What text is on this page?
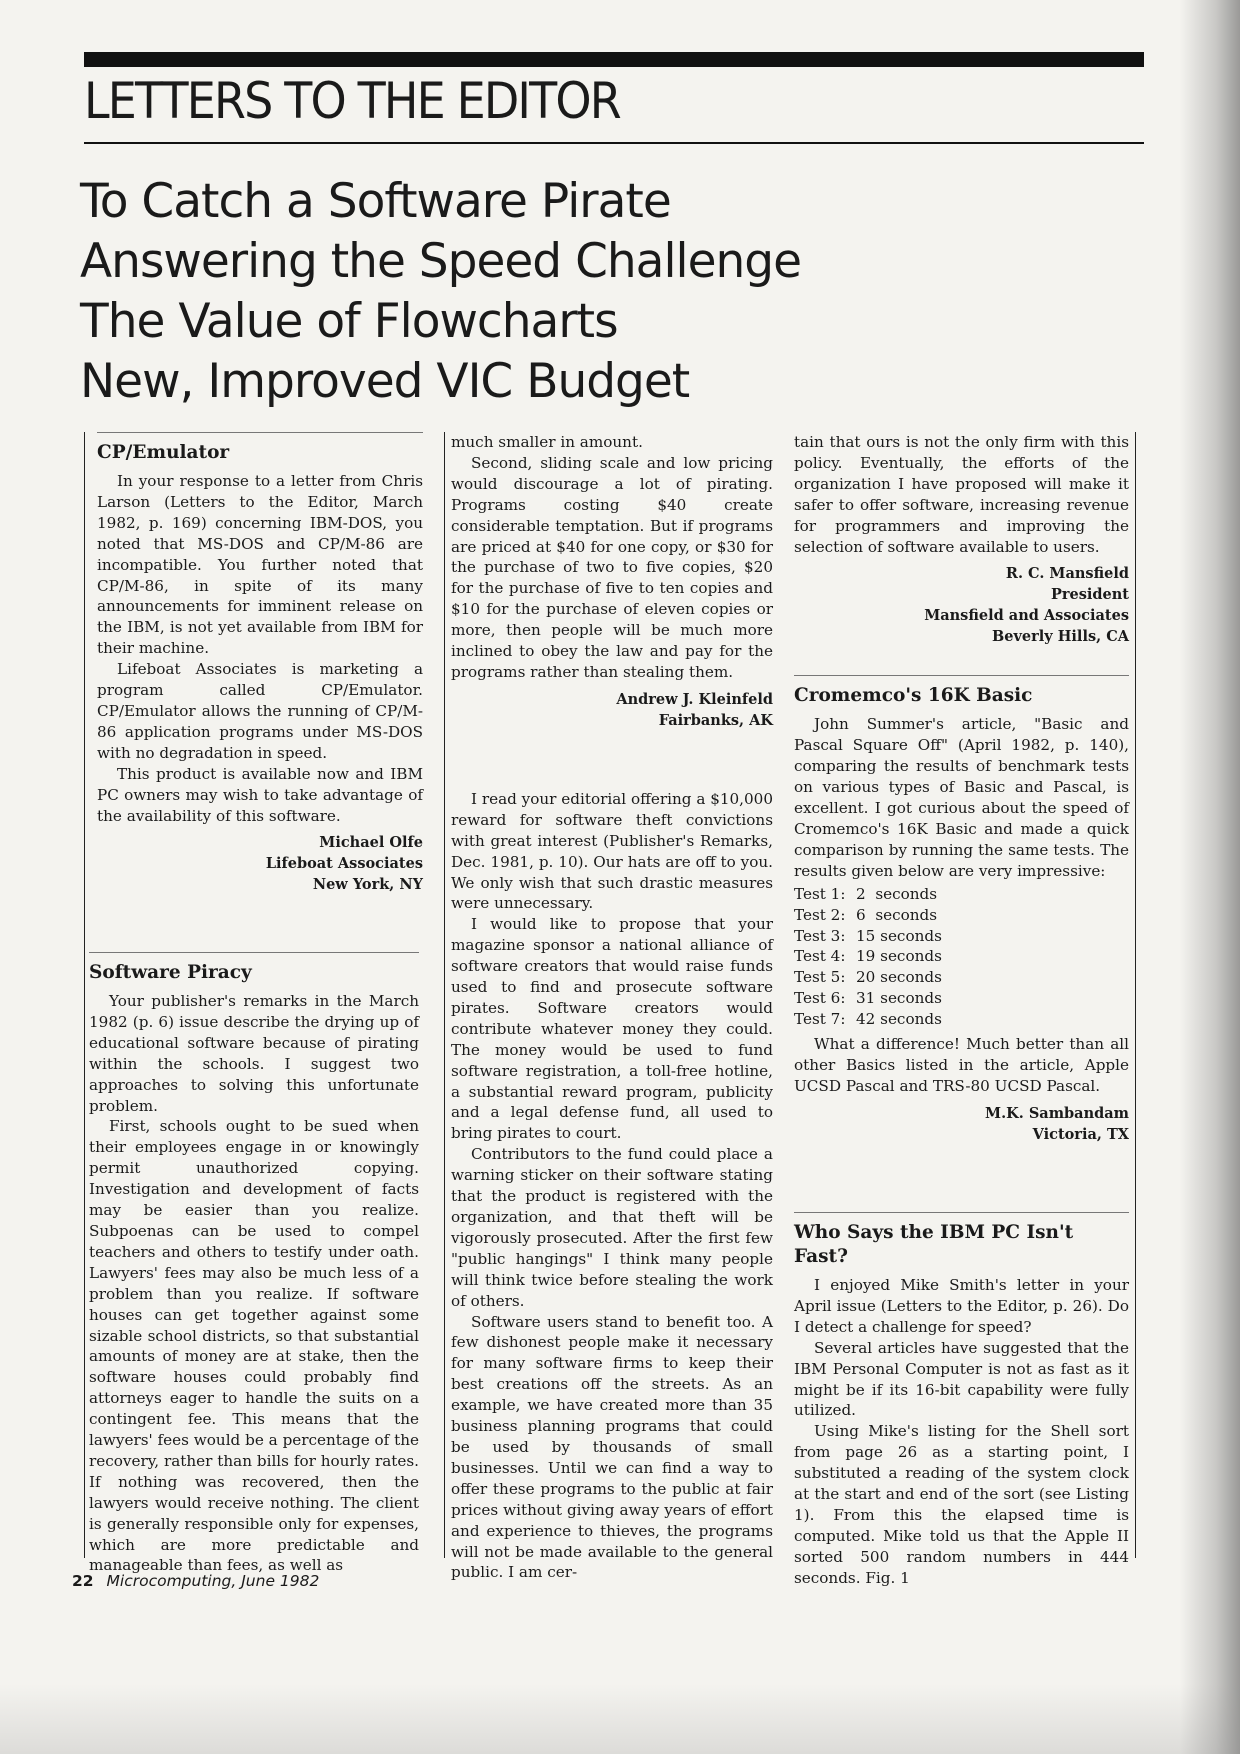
LETTERS TO THE EDITOR
To Catch a Software Pirate
Answering the Speed Challenge
The Value of Flowcharts
New, Improved VIC Budget
CP/Emulator

In your response to a letter from Chris Larson (Letters to the Editor, March 1982, p. 169) concerning IBM-DOS, you noted that MS-DOS and CP/M-86 are incompatible. You further noted that CP/M-86, in spite of its many announcements for imminent release on the IBM, is not yet available from IBM for their machine.

Lifeboat Associates is marketing a program called CP/Emulator. CP/Emulator allows the running of CP/M-86 application programs under MS-DOS with no degradation in speed.

This product is available now and IBM PC owners may wish to take advantage of the availability of this software.

Michael Olfe
Lifeboat Associates
New York, NY
Software Piracy

Your publisher's remarks in the March 1982 (p. 6) issue describe the drying up of educational software because of pirating within the schools. I suggest two approaches to solving this unfortunate problem.

First, schools ought to be sued when their employees engage in or knowingly permit unauthorized copying. Investigation and development of facts may be easier than you realize. Subpoenas can be used to compel teachers and others to testify under oath. Lawyers' fees may also be much less of a problem than you realize. If software houses can get together against some sizable school districts, so that substantial amounts of money are at stake, then the software houses could probably find attorneys eager to handle the suits on a contingent fee. This means that the lawyers' fees would be a percentage of the recovery, rather than bills for hourly rates. If nothing was recovered, then the lawyers would receive nothing. The client is generally responsible only for expenses, which are more predictable and manageable than fees, as well as

much smaller in amount.

Second, sliding scale and low pricing would discourage a lot of pirating. Programs costing $40 create considerable temptation. But if programs are priced at $40 for one copy, or $30 for the purchase of two to five copies, $20 for the purchase of five to ten copies and $10 for the purchase of eleven copies or more, then people will be much more inclined to obey the law and pay for the programs rather than stealing them.

Andrew J. Kleinfeld
Fairbanks, AK

I read your editorial offering a $10,000 reward for software theft convictions with great interest (Publisher's Remarks, Dec. 1981, p. 10). Our hats are off to you. We only wish that such drastic measures were unnecessary.

I would like to propose that your magazine sponsor a national alliance of software creators that would raise funds used to find and prosecute software pirates. Software creators would contribute whatever money they could. The money would be used to fund software registration, a toll-free hotline, a substantial reward program, publicity and a legal defense fund, all used to bring pirates to court.

Contributors to the fund could place a warning sticker on their software stating that the product is registered with the organization, and that theft will be vigorously prosecuted. After the first few "public hangings" I think many people will think twice before stealing the work of others.

Software users stand to benefit too. A few dishonest people make it necessary for many software firms to keep their best creations off the streets. As an example, we have created more than 35 business planning programs that could be used by thousands of small businesses. Until we can find a way to offer these programs to the public at fair prices without giving away years of effort and experience to thieves, the programs will not be made available to the general public. I am cer-

tain that ours is not the only firm with this policy. Eventually, the efforts of the organization I have proposed will make it safer to offer software, increasing revenue for programmers and improving the selection of software available to users.

R. C. Mansfield
President
Mansfield and Associates
Beverly Hills, CA
Cromemco's 16K Basic

John Summer's article, "Basic and Pascal Square Off" (April 1982, p. 140), comparing the results of benchmark tests on various types of Basic and Pascal, is excellent. I got curious about the speed of Cromemco's 16K Basic and made a quick comparison by running the same tests. The results given below are very impressive:

Test 1:	2  seconds
Test 2:	6  seconds
Test 3:	15 seconds
Test 4:	19 seconds
Test 5:	20 seconds
Test 6:	31 seconds
Test 7:	42 seconds

What a difference! Much better than all other Basics listed in the article, Apple UCSD Pascal and TRS-80 UCSD Pascal.

M.K. Sambandam
Victoria, TX
Who Says the IBM PC Isn't Fast?

I enjoyed Mike Smith's letter in your April issue (Letters to the Editor, p. 26). Do I detect a challenge for speed?

Several articles have suggested that the IBM Personal Computer is not as fast as it might be if its 16-bit capability were fully utilized.

Using Mike's listing for the Shell sort from page 26 as a starting point, I substituted a reading of the system clock at the start and end of the sort (see Listing 1). From this the elapsed time is computed. Mike told us that the Apple II sorted 500 random numbers in 444 seconds. Fig. 1

22 Microcomputing, June 1982
